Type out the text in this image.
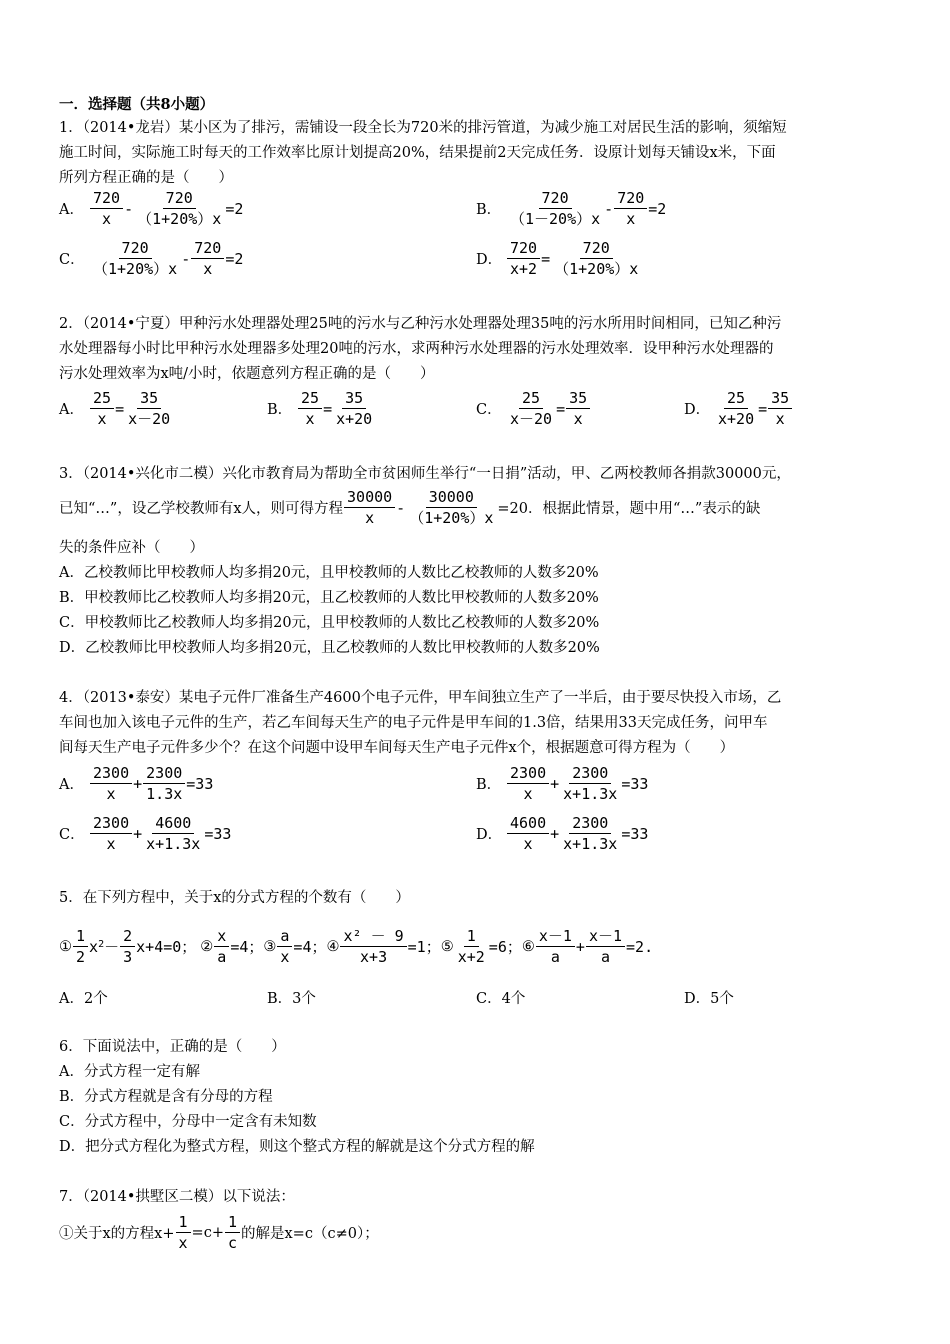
一．选择题（共8小题）
1．（2014•龙岩）某小区为了排污，需铺设一段全长为720米的排污管道，为减少施工对居民生活的影响，须缩短
施工时间，实际施工时每天的工作效率比原计划提高20%，结果提前2天完成任务．设原计划每天铺设x米，下面
所列方程正确的是（　　）
A． $\frac{720}{x} - \frac{720}{(1+20\%)x} =2$	B． $\frac{720}{(1-20\%)x} - \frac{720}{x} =2$
C． $\frac{720}{(1+20\%)x} - \frac{720}{x} =2$	D． $\frac{720}{x+2} = \frac{720}{(1+20\%)x}$
2．（2014•宁夏）甲种污水处理器处理25吨的污水与乙种污水处理器处理35吨的污水所用时间相同，已知乙种污
水处理器每小时比甲种污水处理器多处理20吨的污水，求两种污水处理器的污水处理效率．设甲种污水处理器的
污水处理效率为x吨/小时，依题意列方程正确的是（　　）
A． $\frac{25}{x} = \frac{35}{x-20}$	B． $\frac{25}{x} = \frac{35}{x+20}$	C． $\frac{25}{x-20} = \frac{35}{x}$	D． $\frac{25}{x+20} = \frac{35}{x}$
3．（2014•兴化市二模）兴化市教育局为帮助全市贫困师生举行“一日捐”活动，甲、乙两校教师各捐款30000元，
已知“…”，设乙学校教师有x人，则可得方程 $\frac{30000}{x} - \frac{30000}{(1+20\%)x} =20$．根据此情景，题中用“…”表示的缺
失的条件应补（　　）
A．乙校教师比甲校教师人均多捐20元，且甲校教师的人数比乙校教师的人数多20%
B．甲校教师比乙校教师人均多捐20元，且乙校教师的人数比甲校教师的人数多20%
C．甲校教师比乙校教师人均多捐20元，且甲校教师的人数比乙校教师的人数多20%
D．乙校教师比甲校教师人均多捐20元，且乙校教师的人数比甲校教师的人数多20%
4．（2013•泰安）某电子元件厂准备生产4600个电子元件，甲车间独立生产了一半后，由于要尽快投入市场，乙
车间也加入该电子元件的生产，若乙车间每天生产的电子元件是甲车间的1.3倍，结果用33天完成任务，问甲车
间每天生产电子元件多少个？在这个问题中设甲车间每天生产电子元件x个，根据题意可得方程为（　　）
A． $\frac{2300}{x} + \frac{2300}{1.3x} =33$	B． $\frac{2300}{x} + \frac{2300}{x+1.3x} =33$
C． $\frac{2300}{x} + \frac{4600}{x+1.3x} =33$	D． $\frac{4600}{x} + \frac{2300}{x+1.3x} =33$
5．在下列方程中，关于x的分式方程的个数有（　　）
① $\frac{1}{2} x^2 - \frac{2}{3} x+4=0$； ② $\frac{x}{a} =4$； ③ $\frac{a}{x} =4$； ④ $\frac{\text{x² － 9}}{x+3} =1$； ⑤ $\frac{1}{x+2} =6$； ⑥ $\frac{x-1}{a} + \frac{x-1}{a} =2$.
A．2个	B．3个	C．4个	D．5个
6．下面说法中，正确的是（　　）
A．分式方程一定有解
B．分式方程就是含有分母的方程
C．分式方程中，分母中一定含有未知数
D．把分式方程化为整式方程，则这个整式方程的解就是这个分式方程的解
7．（2014•拱墅区二模）以下说法：
①关于x的方程$x+ \frac{1}{x} =c+ \frac{1}{c}$ 的解是x=c（c≠0）；
